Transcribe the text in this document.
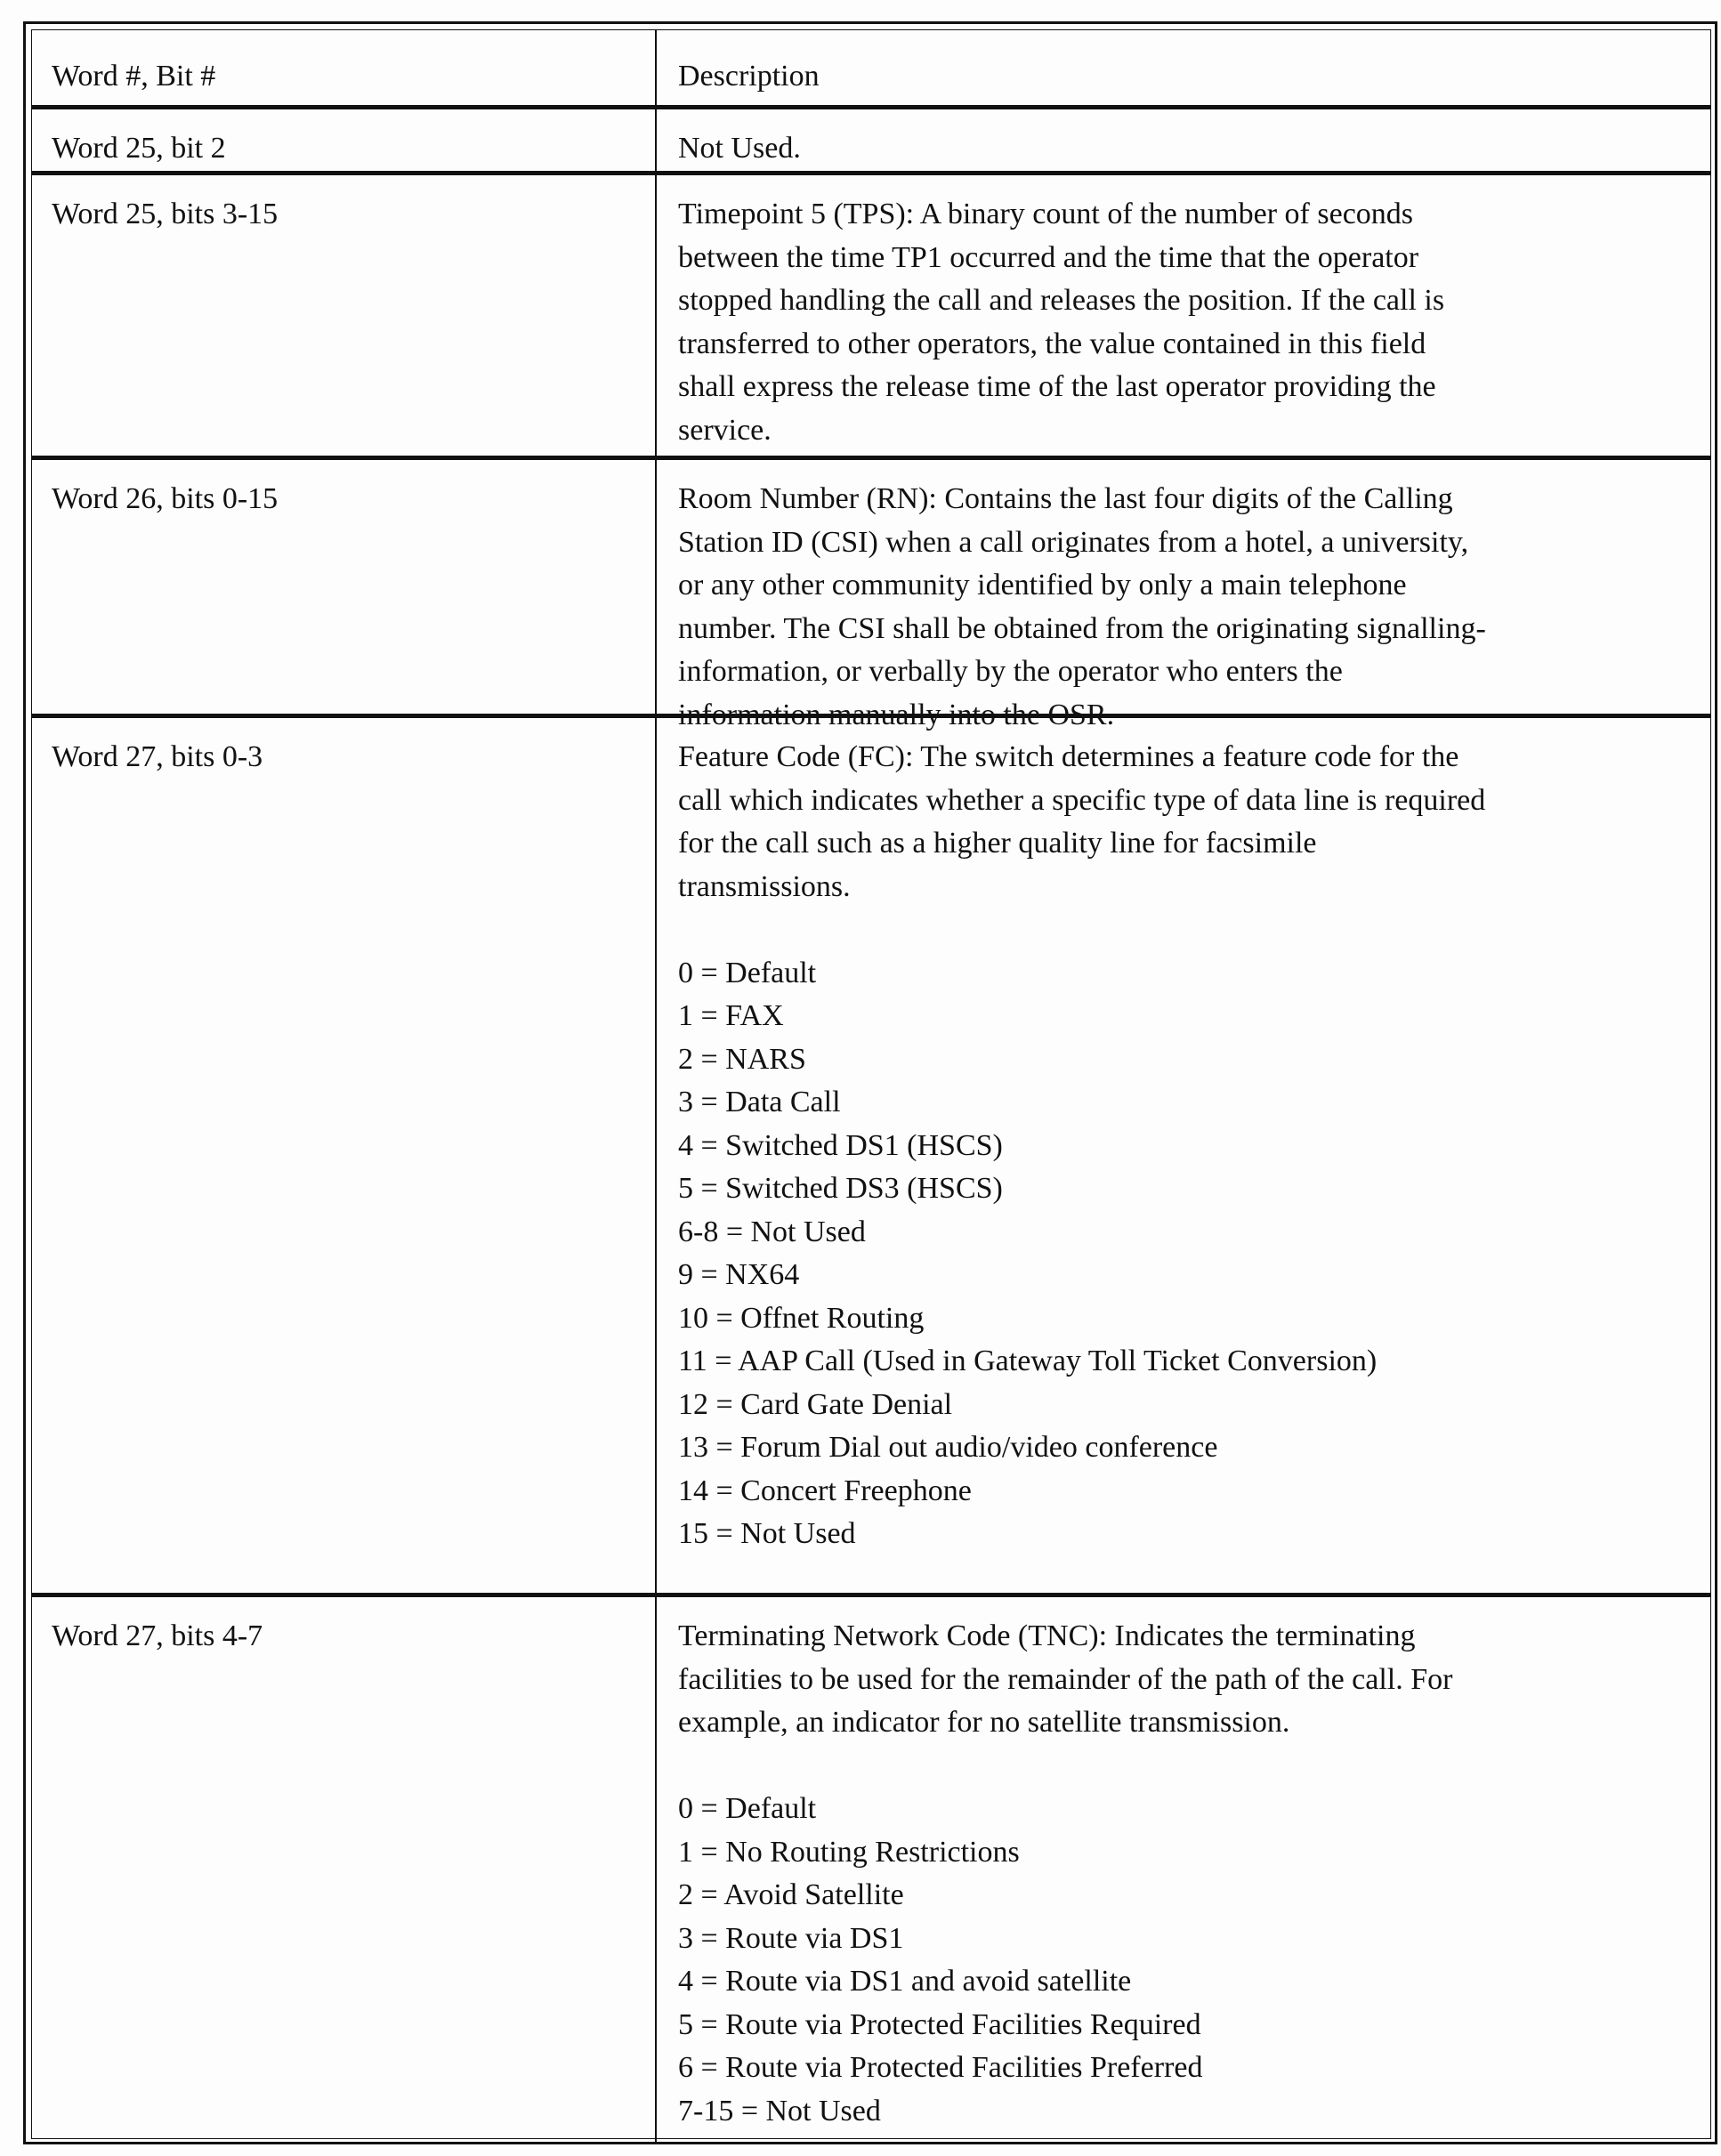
Word #, Bit #	Description
Word 25, bit 2	Not Used.
Word 25, bits 3-15	Timepoint 5 (TPS): A binary count of the number of seconds
between the time TP1 occurred and the time that the operator
stopped handling the call and releases the position. If the call is
transferred to other operators, the value contained in this field
shall express the release time of the last operator providing the
service.
Word 26, bits 0-15	Room Number (RN): Contains the last four digits of the Calling
Station ID (CSI) when a call originates from a hotel, a university,
or any other community identified by only a main telephone
number. The CSI shall be obtained from the originating signalling-
information, or verbally by the operator who enters the
information manually into the OSR.
Word 27, bits 0-3	Feature Code (FC): The switch determines a feature code for the
call which indicates whether a specific type of data line is required
for the call such as a higher quality line for facsimile
transmissions.
0 = Default
1 = FAX
2 = NARS
3 = Data Call
4 = Switched DS1 (HSCS)
5 = Switched DS3 (HSCS)
6-8 = Not Used
9 = NX64
10 = Offnet Routing
11 = AAP Call (Used in Gateway Toll Ticket Conversion)
12 = Card Gate Denial
13 = Forum Dial out audio/video conference
14 = Concert Freephone
15 = Not Used
Word 27, bits 4-7	Terminating Network Code (TNC): Indicates the terminating
facilities to be used for the remainder of the path of the call. For
example, an indicator for no satellite transmission.
0 = Default
1 = No Routing Restrictions
2 = Avoid Satellite
3 = Route via DS1
4 = Route via DS1 and avoid satellite
5 = Route via Protected Facilities Required
6 = Route via Protected Facilities Preferred
7-15 = Not Used
